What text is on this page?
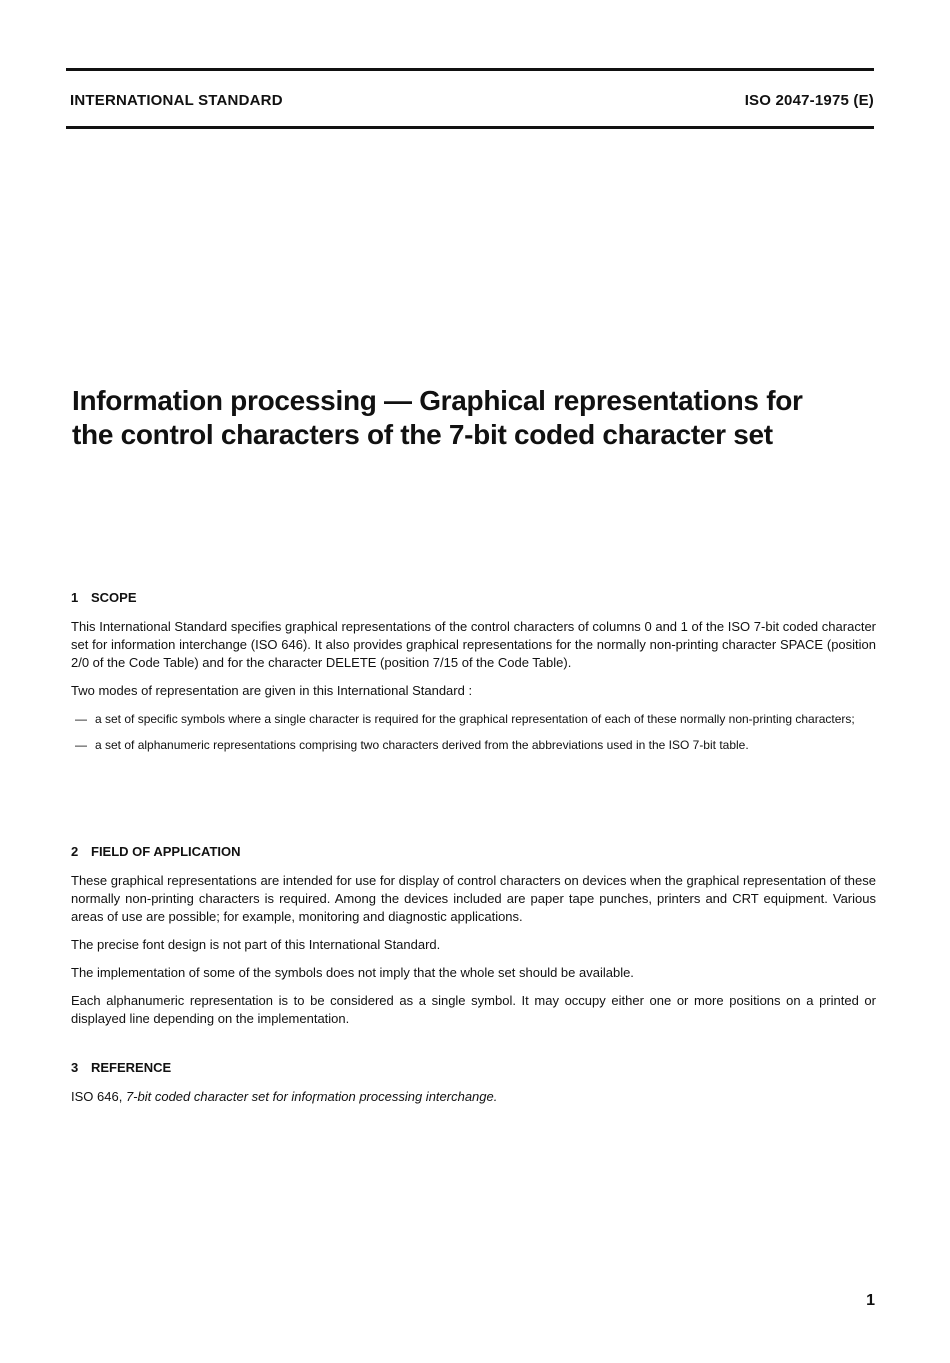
INTERNATIONAL STANDARD	ISO 2047-1975 (E)
Information processing — Graphical representations for
the control characters of the 7-bit coded character set
1 SCOPE

This International Standard specifies graphical representations of the control characters of columns 0 and 1 of the ISO 7-bit coded character set for information interchange (ISO 646). It also provides graphical representations for the normally non-printing character SPACE (position 2/0 of the Code Table) and for the character DELETE (position 7/15 of the Code Table).

Two modes of representation are given in this International Standard :

— a set of specific symbols where a single character is required for the graphical representation of each of these normally non-printing characters;
— a set of alphanumeric representations comprising two characters derived from the abbreviations used in the ISO 7-bit table.
2 FIELD OF APPLICATION

These graphical representations are intended for use for display of control characters on devices when the graphical representation of these normally non-printing characters is required. Among the devices included are paper tape punches, printers and CRT equipment. Various areas of use are possible; for example, monitoring and diagnostic applications.

The precise font design is not part of this International Standard.

The implementation of some of the symbols does not imply that the whole set should be available.

Each alphanumeric representation is to be considered as a single symbol. It may occupy either one or more positions on a printed or displayed line depending on the implementation.

3 REFERENCE

ISO 646, 7-bit coded character set for infoɼmation processing interchange.

1
